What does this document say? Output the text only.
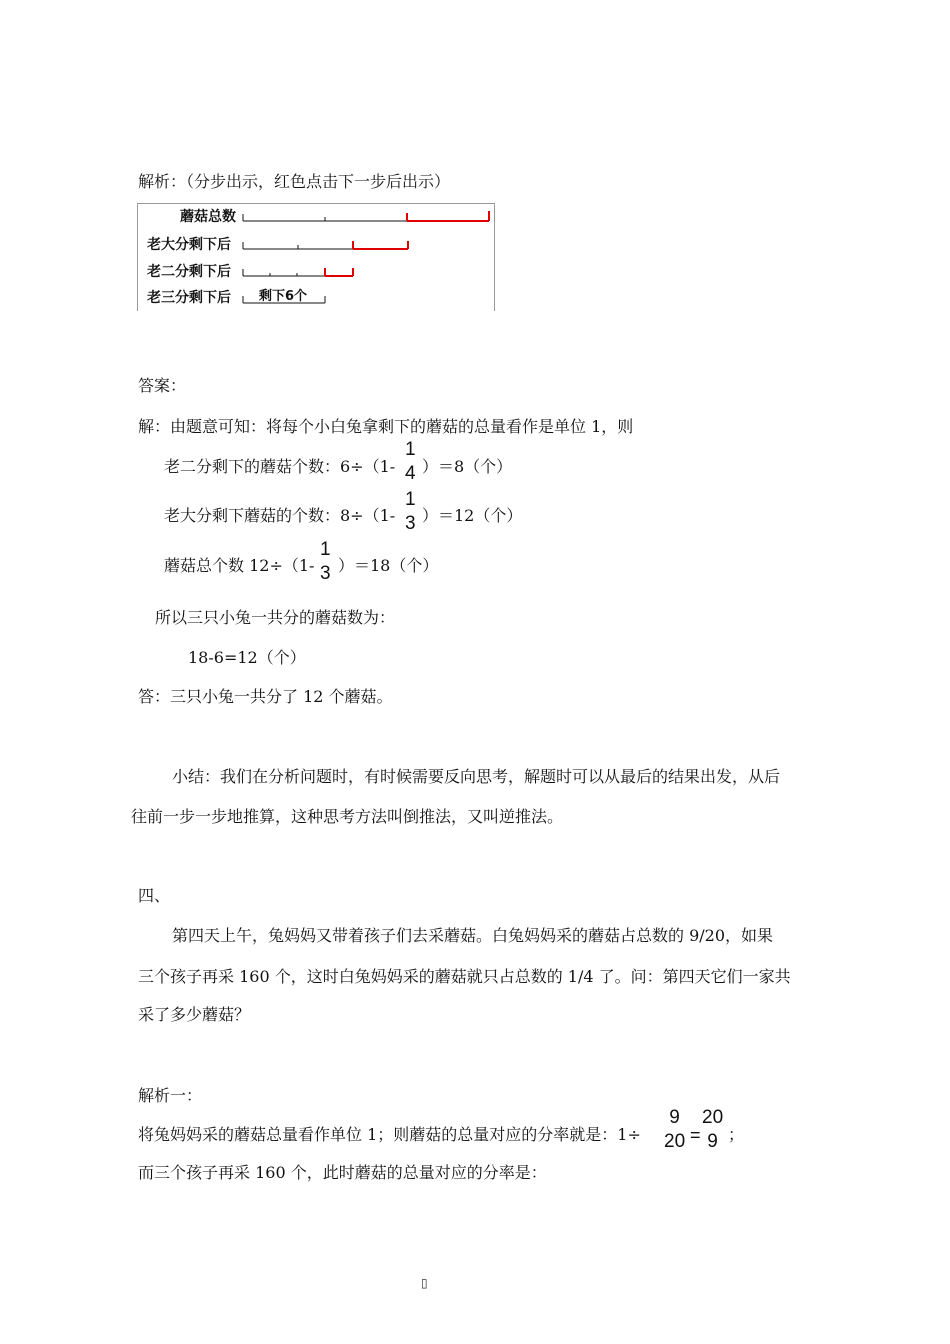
解析：（分步出示，红色点击下一步后出示）
蘑菇总数
老大分剩下后
老二分剩下后
老三分剩下后 剩下6个
答案：
解：由题意可知：将每个小白兔拿剩下的蘑菇的总量看作是单位 1，则
老二分剩下的蘑菇个数：6÷（1-
1
4 ）＝8（个）
老大分剩下蘑菇的个数：8÷（1-
1
3 ）＝12（个）
蘑菇总个数 12÷（1-
1
3 ）＝18（个）
所以三只小兔一共分的蘑菇数为：
18-6=12（个）
答：三只小兔一共分了 12 个蘑菇。
小结：我们在分析问题时，有时候需要反向思考，解题时可以从最后的结果出发，从后
往前一步一步地推算，这种思考方法叫倒推法，又叫逆推法。
四、
第四天上午，兔妈妈又带着孩子们去采蘑菇。白兔妈妈采的蘑菇占总数的 9/20，如果
三个孩子再采 160 个，这时白兔妈妈采的蘑菇就只占总数的 1/4 了。问：第四天它们一家共
采了多少蘑菇？
解析一：
将兔妈妈采的蘑菇总量看作单位 1；则蘑菇的总量对应的分率就是：1÷
9
20 =
20
9 ；
而三个孩子再采 160 个，此时蘑菇的总量对应的分率是：
▯
